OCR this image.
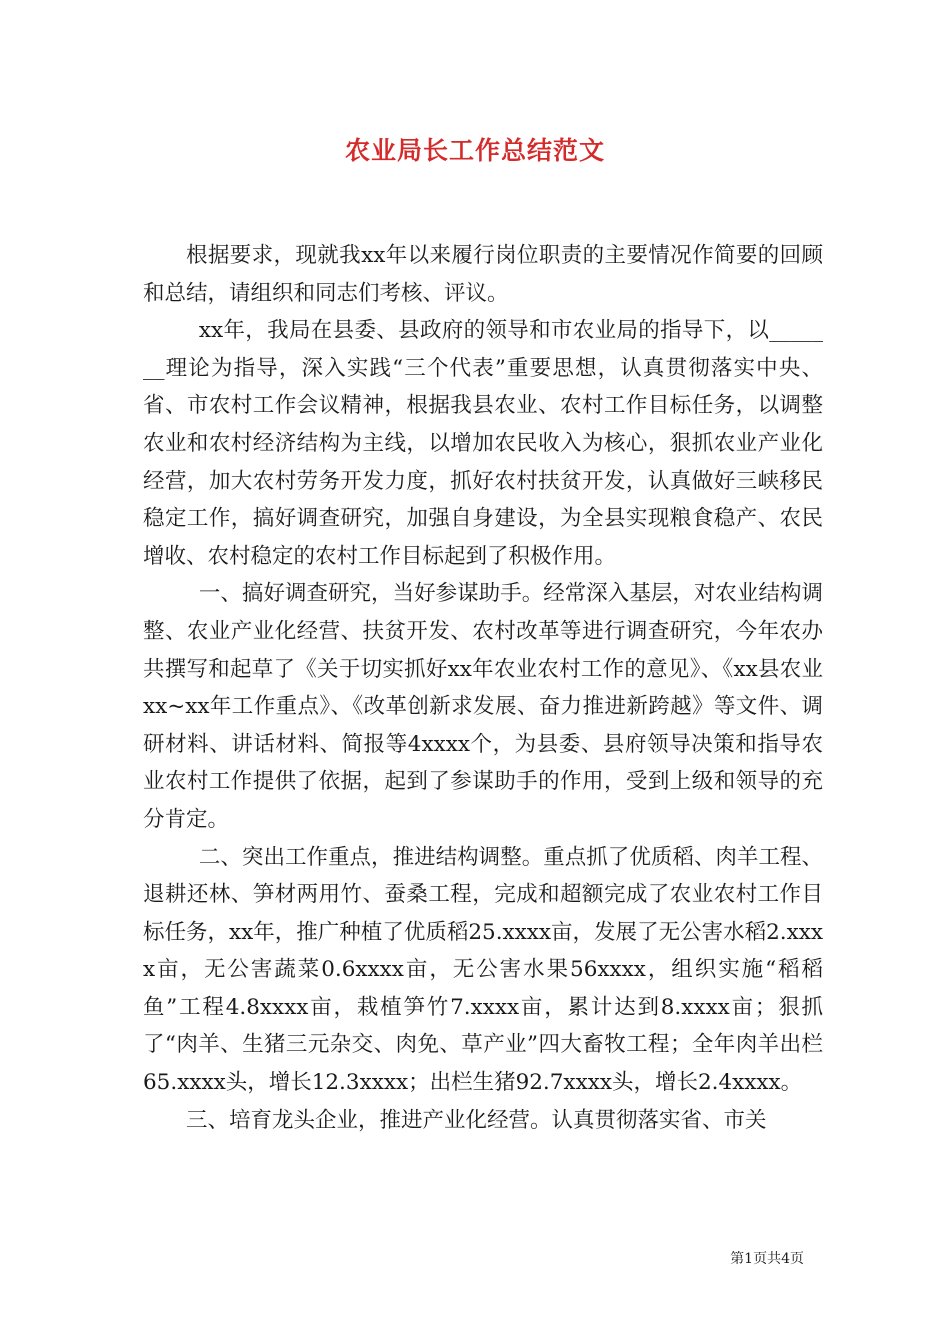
农业局长工作总结范文

根据要求，现就我xx年以来履行岗位职责的主要情况作简要的回顾和总结，请组织和同志们考核、评议。

xx年，我局在县委、县政府的领导和市农业局的指导下，以_______理论为指导，深入实践“三个代表”重要思想，认真贯彻落实中央、省、市农村工作会议精神，根据我县农业、农村工作目标任务，以调整农业和农村经济结构为主线，以增加农民收入为核心，狠抓农业产业化经营，加大农村劳务开发力度，抓好农村扶贫开发，认真做好三峡移民稳定工作，搞好调查研究，加强自身建设，为全县实现粮食稳产、农民增收、农村稳定的农村工作目标起到了积极作用。

一、搞好调查研究，当好参谋助手。经常深入基层，对农业结构调整、农业产业化经营、扶贫开发、农村改革等进行调查研究，今年农办共撰写和起草了《关于切实抓好xx年农业农村工作的意见》、《xx县农业xx~xx年工作重点》、《改革创新求发展、奋力推进新跨越》等文件、调研材料、讲话材料、简报等4xxxx个，为县委、县府领导决策和指导农业农村工作提供了依据，起到了参谋助手的作用，受到上级和领导的充分肯定。

二、突出工作重点，推进结构调整。重点抓了优质稻、肉羊工程、退耕还林、笋材两用竹、蚕桑工程，完成和超额完成了农业农村工作目标任务，xx年，推广种植了优质稻25.xxxx亩，发展了无公害水稻2.xxxx亩，无公害蔬菜0.6xxxx亩，无公害水果56xxxx，组织实施“稻稻鱼”工程4.8xxxx亩，栽植笋竹7.xxxx亩，累计达到8.xxxx亩；狠抓了“肉羊、生猪三元杂交、肉免、草产业”四大畜牧工程；全年肉羊出栏65.xxxx头，增长12.3xxxx；出栏生猪92.7xxxx头，增长2.4xxxx。

三、培育龙头企业，推进产业化经营。认真贯彻落实省、市关

第1页共4页
